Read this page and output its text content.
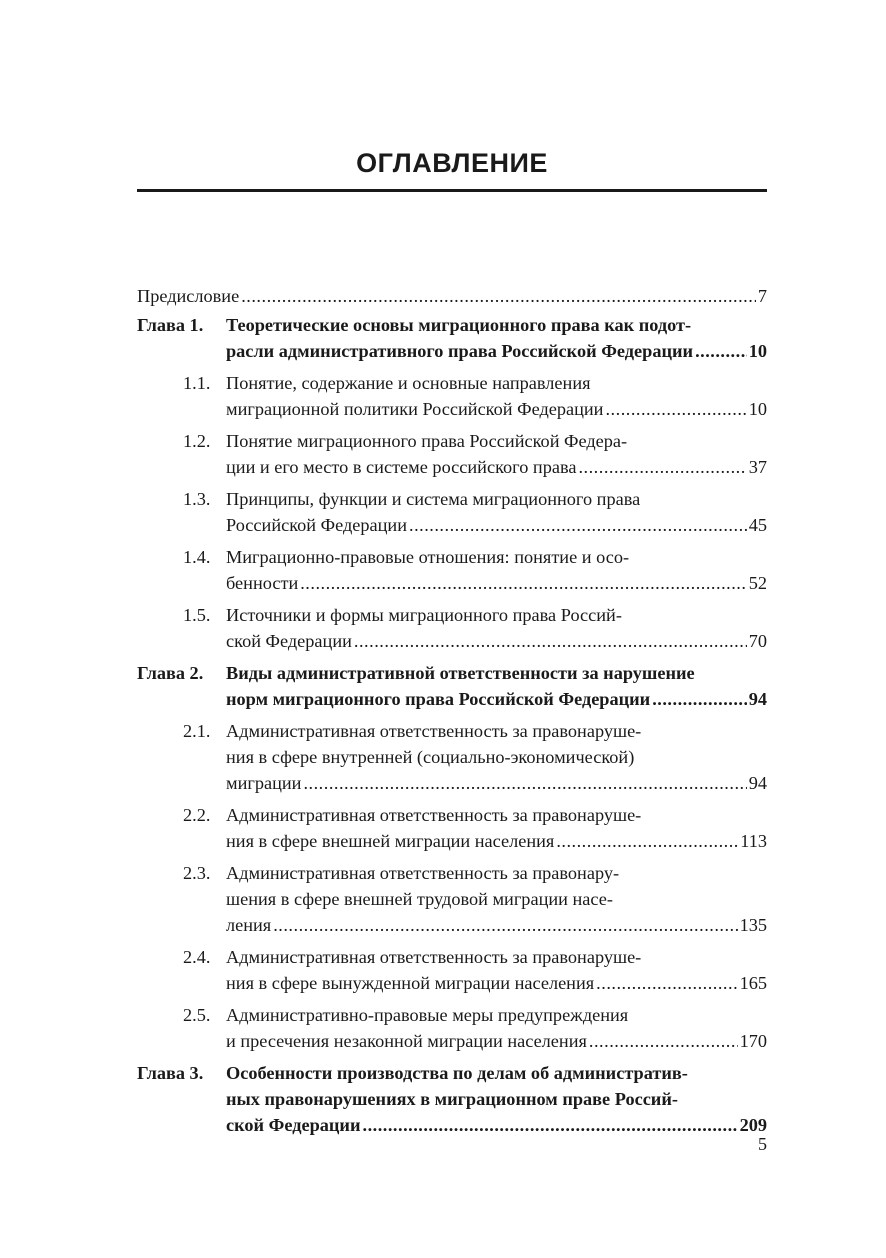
ОГЛАВЛЕНИЕ
Предисловие .....	7
Глава 1. Теоретические основы миграционного права как подот-
расли административного права Российской Федерации .....	10
1.1. Понятие, содержание и основные направления
миграционной политики Российской Федерации .....	10
1.2. Понятие миграционного права Российской Федера-
ции и его место в системе российского права .....	37
1.3. Принципы, функции и система миграционного права
Российской Федерации .....	45
1.4. Миграционно-правовые отношения: понятие и осо-
бенности .....	52
1.5. Источники и формы миграционного права Россий-
ской Федерации .....	70
Глава 2. Виды административной ответственности за нарушение
норм миграционного права Российской Федерации .....	94
2.1. Административная ответственность за правонаруше-
ния в сфере внутренней (социально-экономической)
миграции .....	94
2.2. Административная ответственность за правонаруше-
ния в сфере внешней миграции населения .....	113
2.3. Административная ответственность за правонару-
шения в сфере внешней трудовой миграции насе-
ления .....	135
2.4. Административная ответственность за правонаруше-
ния в сфере вынужденной миграции населения .....	165
2.5. Административно-правовые меры предупреждения
и пресечения незаконной миграции населения .....	170
Глава 3. Особенности производства по делам об административ-
ных правонарушениях в миграционном праве Россий-
ской Федерации .....	209
5
